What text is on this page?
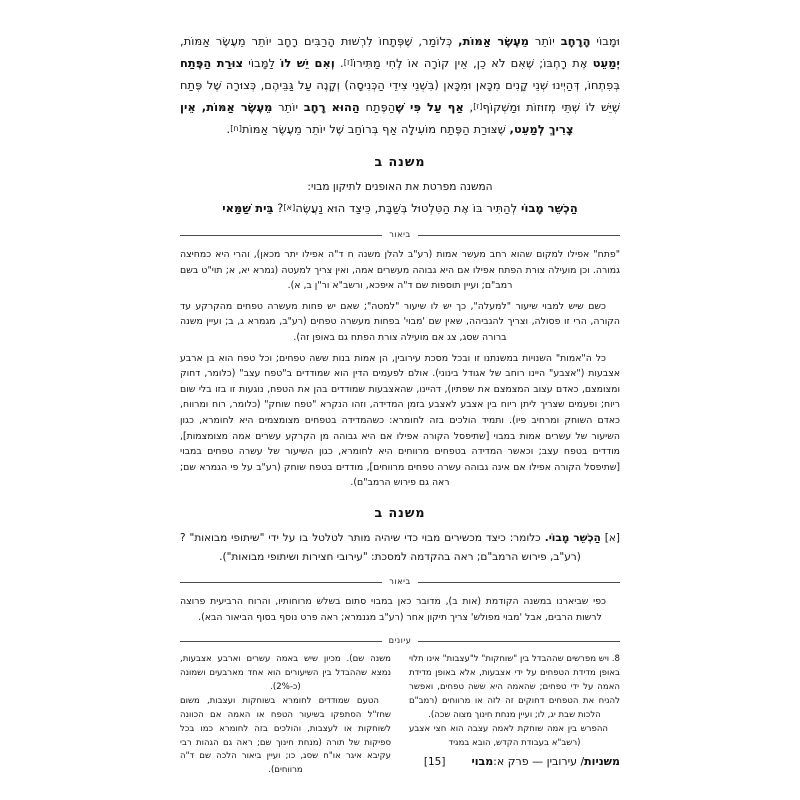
וּמָבוֹי הָרָחָב יוֹתֵר מֵעֶשֶׂר אַמּוֹת, כְּלוֹמַר, שֶׁפְּתָחוֹ לִרְשׁוּת הָרַבִּים רָחָב יוֹתֵר מֵעֶשֶׂר אַמּוֹת, יְמַעֵט אֶת רָחְבּוֹ; שֶׁאִם לֹא כֵן, אֵין קוֹרָה אוֹ לֶחִי מַתִּירוֹ[ז]. וְאִם יֵשׁ לוֹ לַמָּבוֹי צוּרַת הַפֶּתַח בְּפִתְחוֹ, דְּהַיְינוּ שְׁנֵי קָנִים מִכָּאן וּמִכָּאן (בִּשְׁנֵי צִידֵי הַכְּנִיסָה) וְקָנֶה עַל גַּבֵּיהֶם, כְּצוּרָה שֶׁל פֶּתַח שֶׁיֵּשׁ לוֹ שְׁתֵּי מְזוּזוֹת וּמַשְׁקוֹף[ז], אַף עַל פִּי שֶׁהַפֶּתַח הַהוּא רָחָב יוֹתֵר מֵעֶשֶׂר אַמּוֹת, אֵין צָרִיךְ לְמַעֵט, שֶׁצּוּרַת הַפֶּתַח מוֹעִילָה אַף בְּרוֹחַב שֶׁל יוֹתֵר מֵעֶשֶׂר אַמּוֹת[ח].

משנה ב
המשנה מפרטת את האופנים לתיקון מבוי:

הַכְשֵׁר מָבוֹי לְהַתִּיר בּוֹ אֶת הַטִּלְטוּל בְּשַׁבָּת, כֵּיצַד הוּא נַעֲשֶׂה[א]? בֵּית שַׁמַּאי

ביאור

"פתח" אפילו למקום שהוא רחב מעשר אמות (רע"ב להלן משנה ח ד"ה אפילו יתר מכאן), והרי היא כמחיצה גמורה. וכן מועילה צורת הפתח אפילו אם היא גבוהה מעשרים אמה, ואין צריך למעטה (גמרא יא, א; תוי"ט בשם רמב"ם; ועיין תוספות שם ד"ה איפכא, ורשב"א ור"ן ב, א).

כשם שיש למבוי שיעור "למעלה", כך יש לו שיעור "למטה"; שאם יש פחות מעשרה טפחים מהקרקע עד הקורה, הרי זו פסולה, וצריך להגביהה, שאין שם 'מבוי' בפחות מעשרה טפחים (רע"ב, מגמרא ג, ב; ועיין משנה ברורה שסג, צג אם מועילה צורת הפתח גם באופן זה).

כל ה"אמות" השנויות במשנתנו זו ובכל מסכת עירובין, הן אמות בנות ששה טפחים; וכל טפח הוא בן ארבע אצבעות ("אצבע" היינו רוחב של אגודל בינוני). אולם לפעמים הדין הוא שמודדים ב"טפח עצב" (כלומר, דחוק ומצומצם, כאדם עצוב המצמצם את שפתיו), דהיינו, שהאצבעות שמודדים בהן את הטפח, נוגעות זו בזו בלי שום ריוח; ופעמים שצריך ליתן ריוח בין אצבע לאצבע בזמן המדידה, וזהו הנקרא "טפח שוחק" (כלומר, רוח ומרווח, כאדם השוחק ומרחיב פיו). ותמיד הולכים בזה לחומרא: כשהמדידה בטפחים מצומצמים היא לחומרא, כגון השיעור של עשרים אמות במבוי [שתיפסל הקורה אפילו אם היא גבוהה מן הקרקע עשרים אמה מצומצמות], מודדים בטפח עצב; וכאשר המדידה בטפחים מרווחים היא לחומרא, כגון השיעור של עשרה טפחים במבוי [שתיפסל הקורה אפילו אם אינה גבוהה עשרה טפחים מרווחים], מודדים בטפח שוחק (רע"ב על פי הגמרא שם; ראה גם פירוש הרמב"ם).

משנה ב

[א] הַכְשֵׁר מָבוֹי. כלומר: כיצד מכשירים מבוי כדי שיהיה מותר לטלטל בו על ידי "שיתופי מבואות" ? (רע"ב, פירוש הרמב"ם; ראה בהקדמה למסכת: "עירובי חצירות ושיתופי מבואות").

ביאור

כפי שביארנו במשנה הקודמת (אות ב), מדובר כאן במבוי סתום בשלש מרוחותיו, והרוח הרביעית פרוצה לרשות הרבים, אבל 'מבוי מפולש' צריך תיקון אחר (רע"ב מגנמרא; ראה פרט נוסף בסוף הביאור הבא).

עיונים

8. ויש מפרשים שההבדל בין "שוחקות" ל"עצבות" אינו תלוי באופן מדידת הטפחים על ידי אצבעות, אלא באופן מדידת האמה על ידי טפחים; שהאמה היא ששה טפחים, ואפשר להניח את הטפחים דחוקים זה לזה או מרווחים (רמב"ם הלכות שבת יג, לו; ועיין מנחת חינוך מצוה שכה).

ההפרש בין אמה שוחקת לאמה עצבה הוא חצי אצבע (רשב"א בעבודת הקדש, הובא במגיד

משנה שם). מכיון שיש באמה עשרים וארבע אצבעות, נמצא שההבדל בין השיעורים הוא אחד מארבעים ושמונה (כ-2%).

הטעם שמודדים לחומרא בשוחקות ועצבות, משום שחז"ל הסתפקו בשיעור הטפח או האמה אם הכוונה לשוחקות או לעצבות, והולכים בזה לחומרא כמו בכל ספיקות של תורה (מנחת חינוך שם; ראה גם הגהות רבי עקיבא איגר או"ח שסג, כו; ועיין ביאור הלכה שם ד"ה מרווחים).

משניות
/ עירובין — פרק א:
מבוי
[15]
